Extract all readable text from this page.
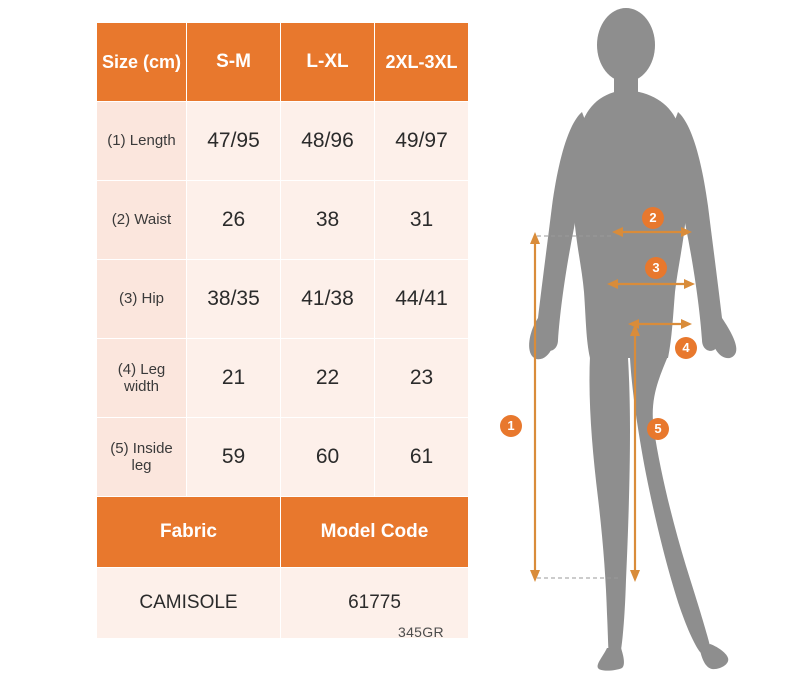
Size (cm)	S-M	L-XL	2XL-3XL
(1) Length	47/95	48/96	49/97
(2) Waist	26	38	31
(3) Hip	38/35	41/38	44/41
(4) Leg width	21	22	23
(5) Inside leg	59	60	61
Fabric		Model Code	
CAMISOLE		61775	
345GR
1
2
3
4
5
